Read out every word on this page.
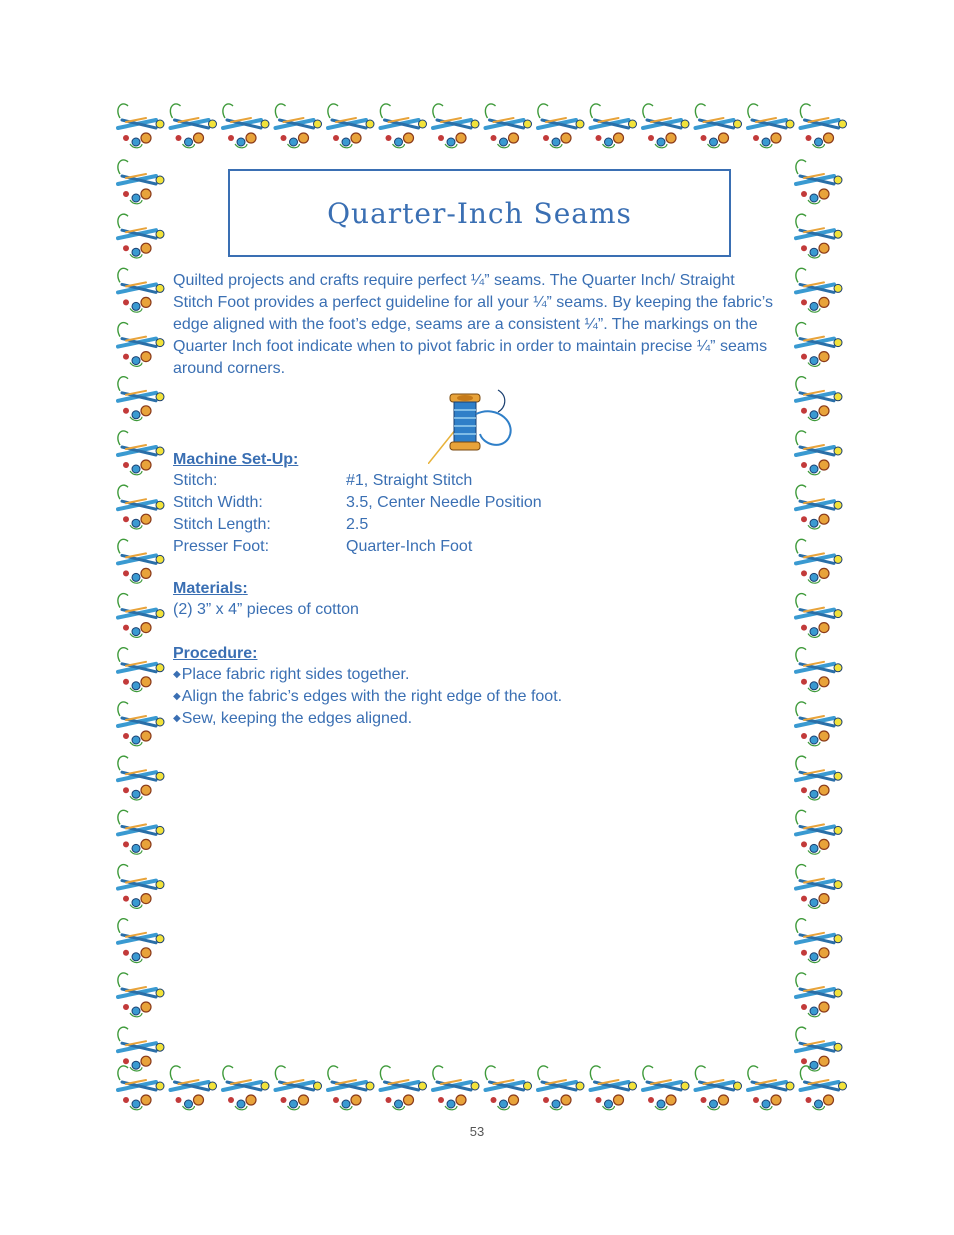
Quarter-Inch Seams
Quilted projects and crafts require perfect ¼” seams. The Quarter Inch/ Straight Stitch Foot provides a perfect guideline for all your ¼” seams. By keeping the fabric’s edge aligned with the foot’s edge, seams are a consistent ¼”. The markings on the Quarter Inch foot indicate when to pivot fabric in order to maintain precise ¼” seams around corners.
Machine Set-Up:
Stitch:	#1, Straight Stitch
Stitch Width:	3.5, Center Needle Position
Stitch Length:	2.5
Presser Foot:	Quarter-Inch Foot
Materials:
(2) 3” x 4” pieces of cotton
Procedure:
◆Place fabric right sides together.
◆Align the fabric’s edges with the right edge of the foot.
◆Sew, keeping the edges aligned.
53
